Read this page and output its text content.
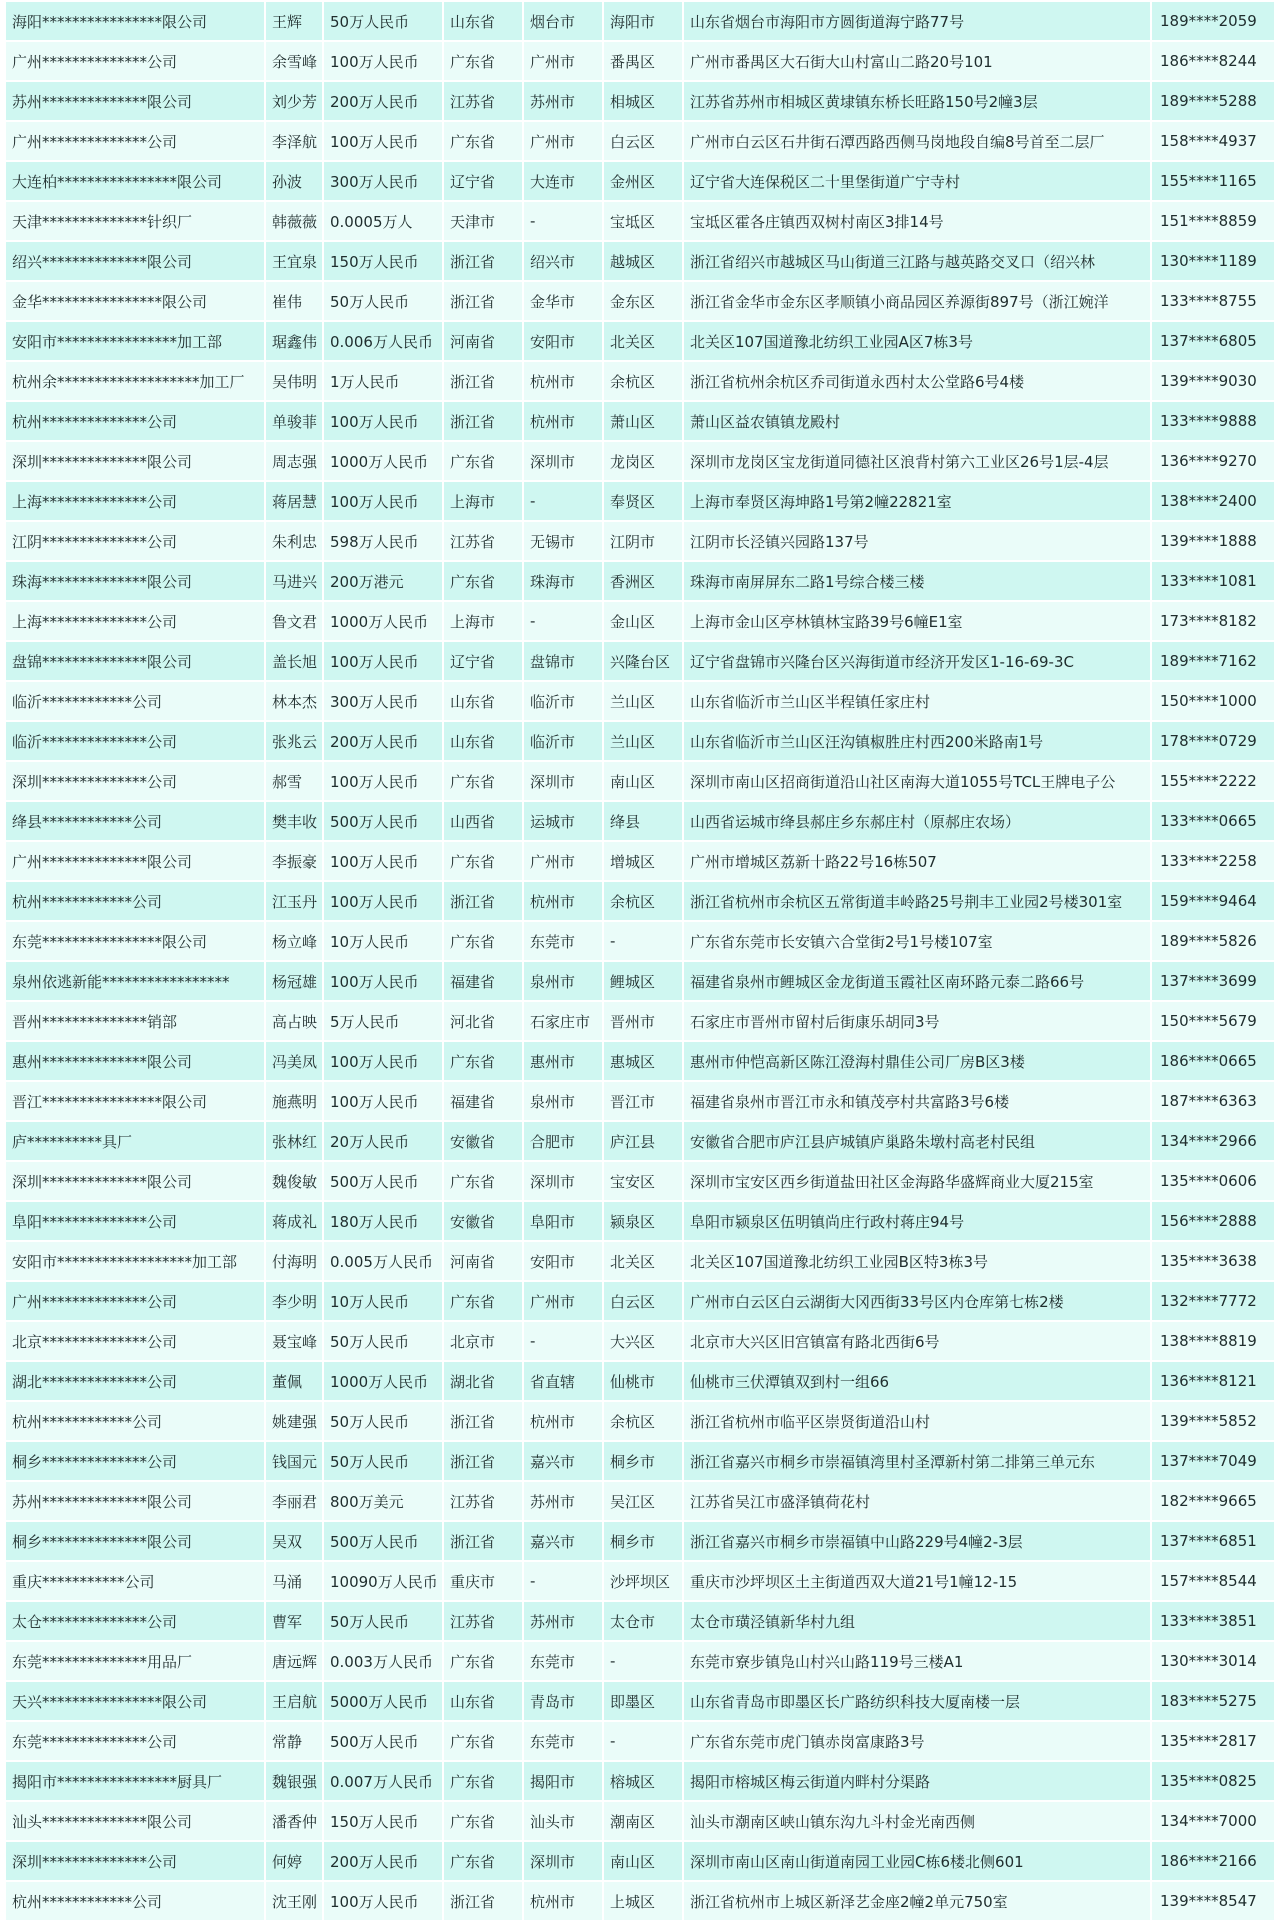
海阳****************限公司	王辉	50万人民币	山东省	烟台市	海阳市	山东省烟台市海阳市方圆街道海宁路77号	189****2059
广州**************公司	余雪峰	100万人民币	广东省	广州市	番禺区	广州市番禺区大石街大山村富山二路20号101	186****8244
苏州**************限公司	刘少芳	200万人民币	江苏省	苏州市	相城区	江苏省苏州市相城区黄埭镇东桥长旺路150号2幢3层	189****5288
广州**************公司	李泽航	100万人民币	广东省	广州市	白云区	广州市白云区石井街石潭西路西侧马岗地段自编8号首至二层厂	158****4937
大连柏****************限公司	孙波	300万人民币	辽宁省	大连市	金州区	辽宁省大连保税区二十里堡街道广宁寺村	155****1165
天津**************针织厂	韩薇薇	0.0005万人	天津市	-	宝坻区	宝坻区霍各庄镇西双树村南区3排14号	151****8859
绍兴**************限公司	王宜泉	150万人民币	浙江省	绍兴市	越城区	浙江省绍兴市越城区马山街道三江路与越英路交叉口（绍兴林	130****1189
金华****************限公司	崔伟	50万人民币	浙江省	金华市	金东区	浙江省金华市金东区孝顺镇小商品园区养源街897号（浙江婉洋	133****8755
安阳市****************加工部	琚鑫伟	0.006万人民币	河南省	安阳市	北关区	北关区107国道豫北纺织工业园A区7栋3号	137****6805
杭州余*******************加工厂	吴伟明	1万人民币	浙江省	杭州市	余杭区	浙江省杭州余杭区乔司街道永西村太公堂路6号4楼	139****9030
杭州**************公司	单骏菲	100万人民币	浙江省	杭州市	萧山区	萧山区益农镇镇龙殿村	133****9888
深圳**************限公司	周志强	1000万人民币	广东省	深圳市	龙岗区	深圳市龙岗区宝龙街道同德社区浪背村第六工业区26号1层-4层	136****9270
上海**************公司	蒋居慧	100万人民币	上海市	-	奉贤区	上海市奉贤区海坤路1号第2幢22821室	138****2400
江阴**************公司	朱利忠	598万人民币	江苏省	无锡市	江阴市	江阴市长泾镇兴园路137号	139****1888
珠海**************限公司	马进兴	200万港元	广东省	珠海市	香洲区	珠海市南屏屏东二路1号综合楼三楼	133****1081
上海**************公司	鲁文君	1000万人民币	上海市	-	金山区	上海市金山区亭林镇林宝路39号6幢E1室	173****8182
盘锦**************限公司	盖长旭	100万人民币	辽宁省	盘锦市	兴隆台区	辽宁省盘锦市兴隆台区兴海街道市经济开发区1-16-69-3C	189****7162
临沂************公司	林本杰	300万人民币	山东省	临沂市	兰山区	山东省临沂市兰山区半程镇任家庄村	150****1000
临沂**************公司	张兆云	200万人民币	山东省	临沂市	兰山区	山东省临沂市兰山区汪沟镇椒胜庄村西200米路南1号	178****0729
深圳**************公司	郝雪	100万人民币	广东省	深圳市	南山区	深圳市南山区招商街道沿山社区南海大道1055号TCL王牌电子公	155****2222
绛县************公司	樊丰收	500万人民币	山西省	运城市	绛县	山西省运城市绛县郝庄乡东郝庄村（原郝庄农场）	133****0665
广州**************限公司	李振豪	100万人民币	广东省	广州市	增城区	广州市增城区荔新十路22号16栋507	133****2258
杭州************公司	江玉丹	100万人民币	浙江省	杭州市	余杭区	浙江省杭州市余杭区五常街道丰岭路25号荆丰工业园2号楼301室	159****9464
东莞****************限公司	杨立峰	10万人民币	广东省	东莞市	-	广东省东莞市长安镇六合堂街2号1号楼107室	189****5826
泉州依逃新能*****************	杨冠雄	100万人民币	福建省	泉州市	鲤城区	福建省泉州市鲤城区金龙街道玉霞社区南环路元泰二路66号	137****3699
晋州**************销部	高占映	5万人民币	河北省	石家庄市	晋州市	石家庄市晋州市留村后街康乐胡同3号	150****5679
惠州**************限公司	冯美凤	100万人民币	广东省	惠州市	惠城区	惠州市仲恺高新区陈江澄海村鼎佳公司厂房B区3楼	186****0665
晋江****************限公司	施燕明	100万人民币	福建省	泉州市	晋江市	福建省泉州市晋江市永和镇茂亭村共富路3号6楼	187****6363
庐**********具厂	张林红	20万人民币	安徽省	合肥市	庐江县	安徽省合肥市庐江县庐城镇庐巢路朱墩村高老村民组	134****2966
深圳**************限公司	魏俊敏	500万人民币	广东省	深圳市	宝安区	深圳市宝安区西乡街道盐田社区金海路华盛辉商业大厦215室	135****0606
阜阳**************公司	蒋成礼	180万人民币	安徽省	阜阳市	颍泉区	阜阳市颍泉区伍明镇尚庄行政村蒋庄94号	156****2888
安阳市******************加工部	付海明	0.005万人民币	河南省	安阳市	北关区	北关区107国道豫北纺织工业园B区特3栋3号	135****3638
广州**************公司	李少明	10万人民币	广东省	广州市	白云区	广州市白云区白云湖街大冈西街33号区内仓库第七栋2楼	132****7772
北京**************公司	聂宝峰	50万人民币	北京市	-	大兴区	北京市大兴区旧宫镇富有路北西街6号	138****8819
湖北**************公司	董佩	1000万人民币	湖北省	省直辖	仙桃市	仙桃市三伏潭镇双到村一组66	136****8121
杭州************公司	姚建强	50万人民币	浙江省	杭州市	余杭区	浙江省杭州市临平区崇贤街道沿山村	139****5852
桐乡**************公司	钱国元	50万人民币	浙江省	嘉兴市	桐乡市	浙江省嘉兴市桐乡市崇福镇湾里村圣潭新村第二排第三单元东	137****7049
苏州**************限公司	李丽君	800万美元	江苏省	苏州市	吴江区	江苏省吴江市盛泽镇荷花村	182****9665
桐乡**************限公司	吴双	500万人民币	浙江省	嘉兴市	桐乡市	浙江省嘉兴市桐乡市崇福镇中山路229号4幢2-3层	137****6851
重庆***********公司	马涌	10090万人民币	重庆市	-	沙坪坝区	重庆市沙坪坝区土主街道西双大道21号1幢12-15	157****8544
太仓**************公司	曹军	50万人民币	江苏省	苏州市	太仓市	太仓市璜泾镇新华村九组	133****3851
东莞**************用品厂	唐远辉	0.003万人民币	广东省	东莞市	-	东莞市寮步镇凫山村兴山路119号三楼A1	130****3014
天兴****************限公司	王启航	5000万人民币	山东省	青岛市	即墨区	山东省青岛市即墨区长广路纺织科技大厦南楼一层	183****5275
东莞**************公司	常静	500万人民币	广东省	东莞市	-	广东省东莞市虎门镇赤岗富康路3号	135****2817
揭阳市****************厨具厂	魏银强	0.007万人民币	广东省	揭阳市	榕城区	揭阳市榕城区梅云街道内畔村分渠路	135****0825
汕头**************限公司	潘香仲	150万人民币	广东省	汕头市	潮南区	汕头市潮南区峡山镇东沟九斗村金光南西侧	134****7000
深圳**************公司	何婷	200万人民币	广东省	深圳市	南山区	深圳市南山区南山街道南园工业园C栋6楼北侧601	186****2166
杭州************公司	沈王刚	100万人民币	浙江省	杭州市	上城区	浙江省杭州市上城区新泽艺金座2幢2单元750室	139****8547
